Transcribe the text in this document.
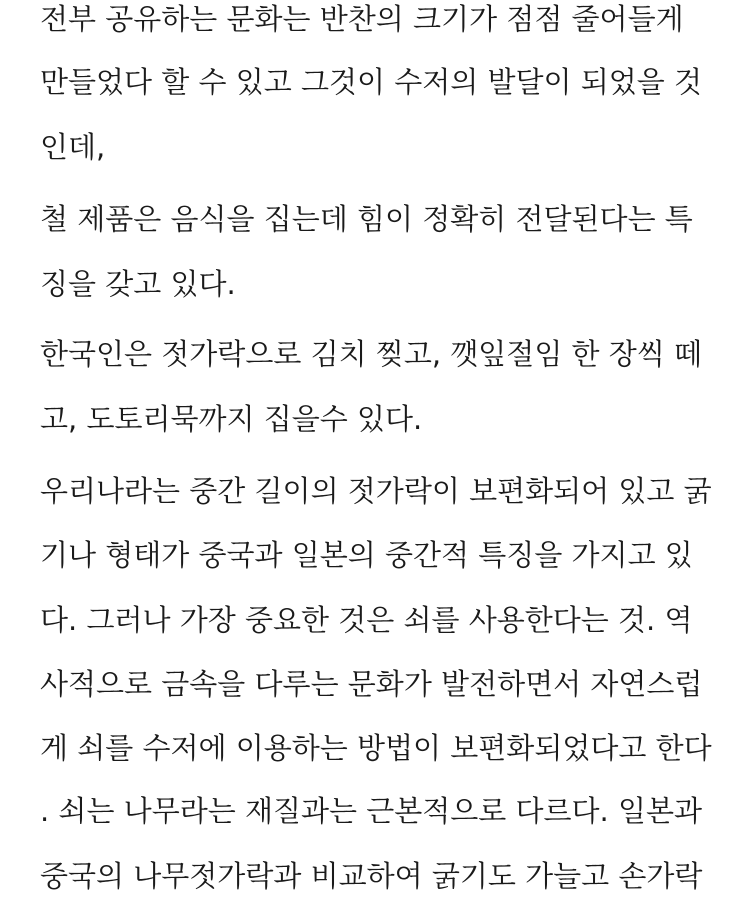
전부 공유하는 문화는 반찬의 크기가 점점 줄어들게
만들었다 할 수 있고 그것이 수저의 발달이 되었을 것
인데,
철 제품은 음식을 집는데 힘이 정확히 전달된다는 특
징을 갖고 있다.
한국인은 젓가락으로 김치 찢고, 깻잎절임 한 장씩 떼
고, 도토리묵까지 집을수 있다.
우리나라는 중간 길이의 젓가락이 보편화되어 있고 굵
기나 형태가 중국과 일본의 중간적 특징을 가지고 있
다. 그러나 가장 중요한 것은 쇠를 사용한다는 것. 역
사적으로 금속을 다루는 문화가 발전하면서 자연스럽
게 쇠를 수저에 이용하는 방법이 보편화되었다고 한다
. 쇠는 나무라는 재질과는 근본적으로 다르다. 일본과
중국의 나무젓가락과 비교하여 굵기도 가늘고 손가락
